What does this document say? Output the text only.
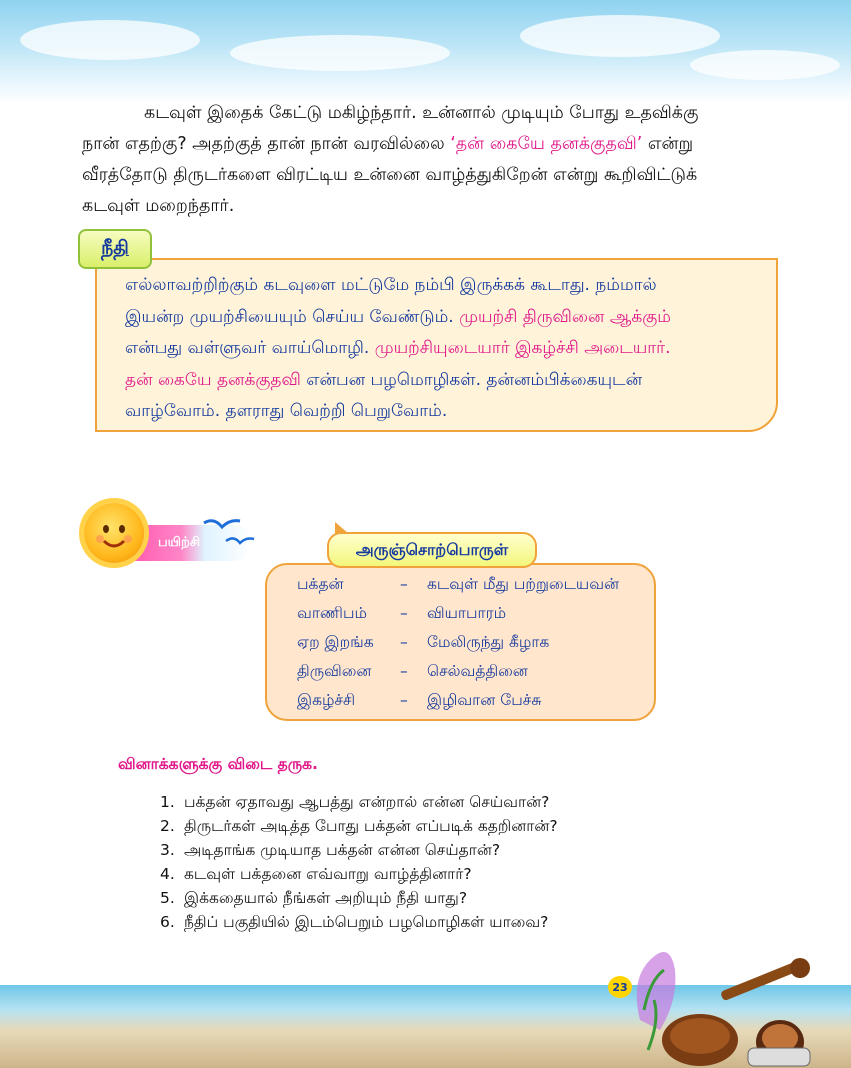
கடவுள் இதைக் கேட்டு மகிழ்ந்தார். உன்னால் முடியும் போது உதவிக்கு
நான் எதற்கு? அதற்குத் தான் நான் வரவில்லை ‘தன் கையே தனக்குதவி’ என்று
வீரத்தோடு திருடர்களை விரட்டிய உன்னை வாழ்த்துகிறேன் என்று கூறிவிட்டுக்
கடவுள் மறைந்தார்.

நீதி

எல்லாவற்றிற்கும் கடவுளை மட்டுமே நம்பி இருக்கக் கூடாது. நம்மால்

இயன்ற முயற்சியையும் செய்ய வேண்டும். முயற்சி திருவினை ஆக்கும்

என்பது வள்ளுவர் வாய்மொழி. முயற்சியுடையார் இகழ்ச்சி அடையார்.

தன் கையே தனக்குதவி என்பன பழமொழிகள். தன்னம்பிக்கையுடன்

வாழ்வோம். தளராது வெற்றி பெறுவோம்.

பயிற்சி	அருஞ்சொற்பொருள்
பக்தன்	– கடவுள் மீது பற்றுடையவன்
வாணிபம் – வியாபாரம்
ஏற இறங்க – மேலிருந்து கீழாக
திருவினை – செல்வத்தினை
இகழ்ச்சி	– இழிவான பேச்சு
வினாக்களுக்கு விடை தருக.
1. பக்தன் ஏதாவது ஆபத்து என்றால் என்ன செய்வான்?
2. திருடர்கள் அடித்த போது பக்தன் எப்படிக் கதறினான்?
3. அடிதாங்க முடியாத பக்தன் என்ன செய்தான்?
4. கடவுள் பக்தனை எவ்வாறு வாழ்த்தினார்?
5. இக்கதையால் நீங்கள் அறியும் நீதி யாது?
6. நீதிப் பகுதியில் இடம்பெறும் பழமொழிகள் யாவை?
23
